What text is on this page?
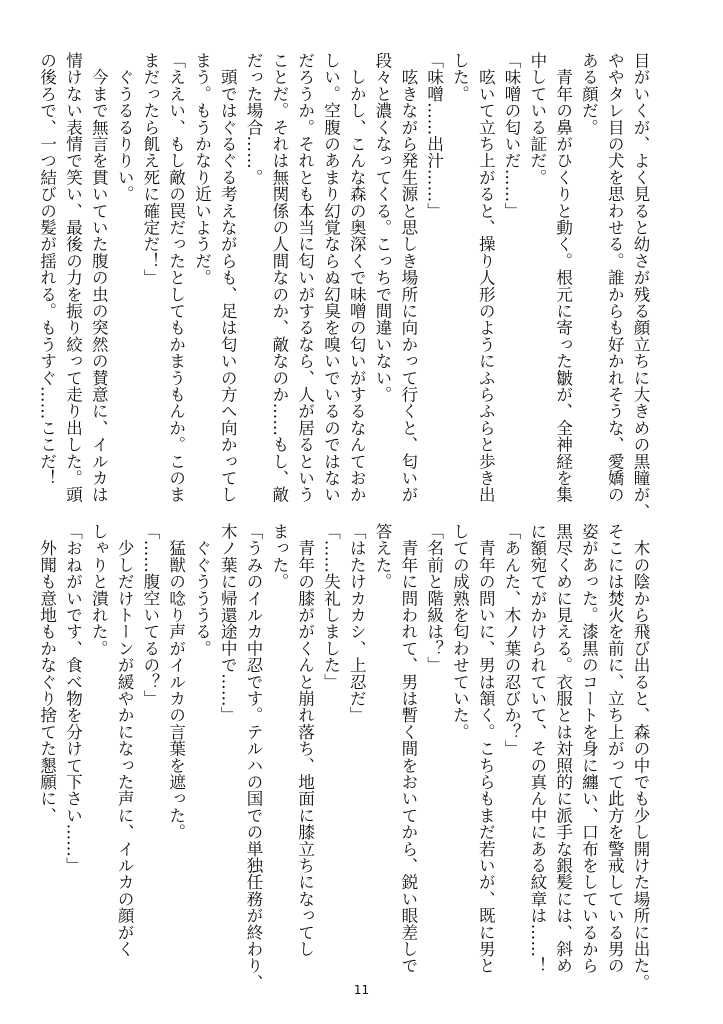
目がいくが、よく見ると幼さが残る顔立ちに大きめの黒瞳が、
ややタレ目の犬を思わせる。誰からも好かれそうな、愛嬌の
ある顔だ。
　青年の鼻がひくりと動く。根元に寄った皺が、全神経を集
中している証だ。
「味噌の匂いだ……」
　呟いて立ち上がると、操り人形のようにふらふらと歩き出
した。
「味噌……出汁……」
　呟きながら発生源と思しき場所に向かって行くと、匂いが
段々と濃くなってくる。こっちで間違いない。
　しかし、こんな森の奥深くで味噌の匂いがするなんておか
しい。空腹のあまり幻覚ならぬ幻臭を嗅いでいるのではない
だろうか。それとも本当に匂いがするなら、人が居るという
ことだ。それは無関係の人間なのか、敵なのか……もし、敵
だった場合……。
　頭ではぐるぐる考えながらも、足は匂いの方へ向かってし
まう。もうかなり近いようだ。
「ええい、もし敵の罠だったとしてもかまうもんか。このま
まだったら飢え死に確定だ！」
　ぐうるるりりい。
　今まで無言を貫いていた腹の虫の突然の賛意に、イルカは
情けない表情で笑い、最後の力を振り絞って走り出した。頭
の後ろで、一つ結びの髪が揺れる。もうすぐ……ここだ！
　木の陰から飛び出ると、森の中でも少し開けた場所に出た。
そこには焚火を前に、立ち上がって此方を警戒している男の
姿があった。漆黒のコートを身に纏い、口布をしているから
黒尽くめに見える。衣服とは対照的に派手な銀髪には、斜め
に額宛てがかけられていて、その真ん中にある紋章は……！
「あんた、木ノ葉の忍びか？」
　青年の問いに、男は頷く。こちらもまだ若いが、既に男と
しての成熟を匂わせていた。
「名前と階級は？」
　青年に問われて、男は暫く間をおいてから、鋭い眼差しで
答えた。
「はたけカカシ、上忍だ」
「……失礼しました」
　青年の膝ががくんと崩れ落ち、地面に膝立ちになってし
まった。
「うみのイルカ中忍です。テルハの国での単独任務が終わり、
木ノ葉に帰還途中で……」
　ぐぐうううる。
　猛獣の唸り声がイルカの言葉を遮った。
「……腹空いてるの？」
　少しだけトーンが緩やかになった声に、イルカの顔がく
しゃりと潰れた。
「おねがいです、食べ物を分けて下さい……」
　外聞も意地もかなぐり捨てた懇願に、
11
